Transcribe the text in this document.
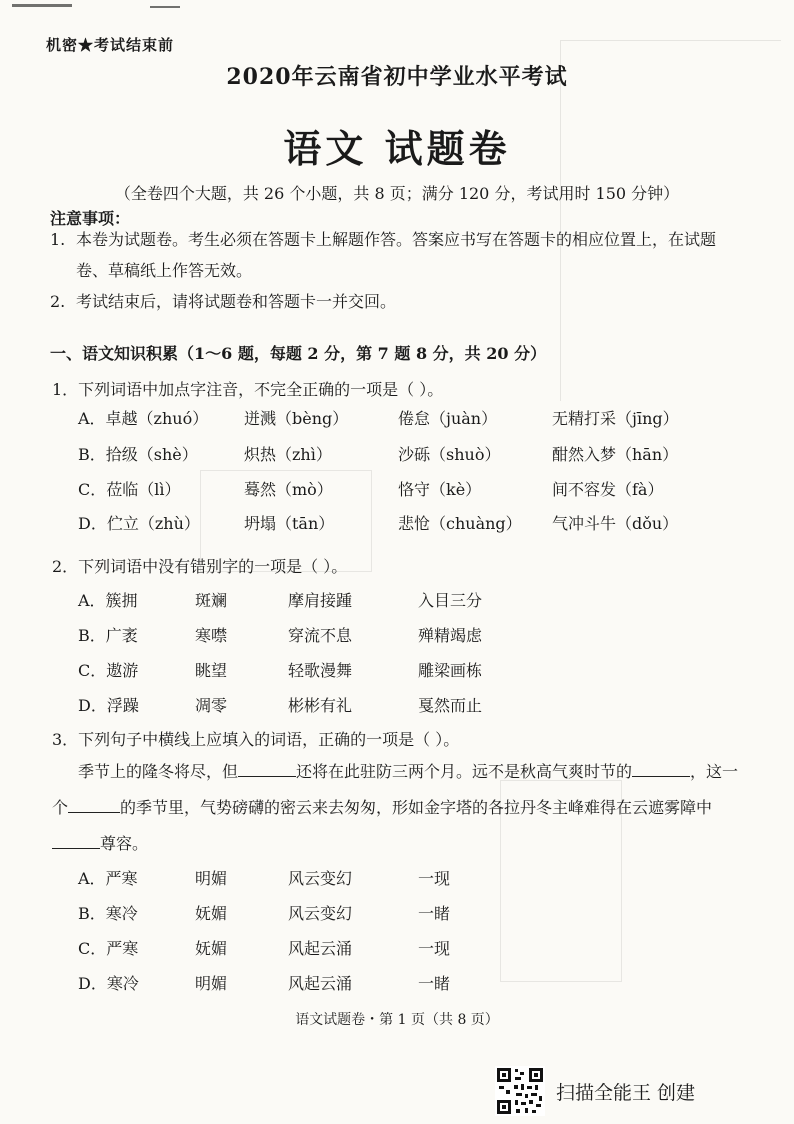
机密★考试结束前
2020年云南省初中学业水平考试
语文 试题卷
（全卷四个大题，共 26 个小题，共 8 页；满分 120 分，考试用时 150 分钟）
注意事项：
1. 本卷为试题卷。考生必须在答题卡上解题作答。答案应书写在答题卡的相应位置上，在试题卷、草稿纸上作答无效。
2. 考试结束后，请将试题卷和答题卡一并交回。
一、语文知识积累（1～6 题，每题 2 分，第 7 题 8 分，共 20 分）
1．下列词语中加点字注音，不完全正确的一项是（ ）。
A．卓越（zhuó） 迸溅（bèng）	倦怠（juàn）	无精打采（jīng）
B．拾级（shè）	炽热（zhì）	沙砾（shuò）	酣然入梦（hān）
C．莅临（lì）	蓦然（mò）	恪守（kè）	间不容发（fà）
D．伫立（zhù）	坍塌（tān）	悲怆（chuàng） 气冲斗牛（dǒu）
2．下列词语中没有错别字的一项是（ ）。
A．簇拥	斑斓	摩肩接踵	入目三分
B．广袤	寒噤	穿流不息	殚精竭虑
C．遨游	眺望	轻歌漫舞	雕梁画栋
D．浮躁	凋零	彬彬有礼	戛然而止
3．下列句子中横线上应填入的词语，正确的一项是（ ）。

季节上的隆冬将尽，但	还将在此驻防三两个月。远不是秋高气爽时节的	，这一个	的季节里，气势磅礴的密云来去匆匆，形如金字塔的各拉丹冬主峰难得在云遮雾障中尊容。

A．严寒	明媚	风云变幻	一现
B．寒冷	妩媚	风云变幻	一睹
C．严寒	妩媚	风起云涌	一现
D．寒冷	明媚	风起云涌	一睹
语文试题卷・第 1 页（共 8 页）
扫描全能王 创建
